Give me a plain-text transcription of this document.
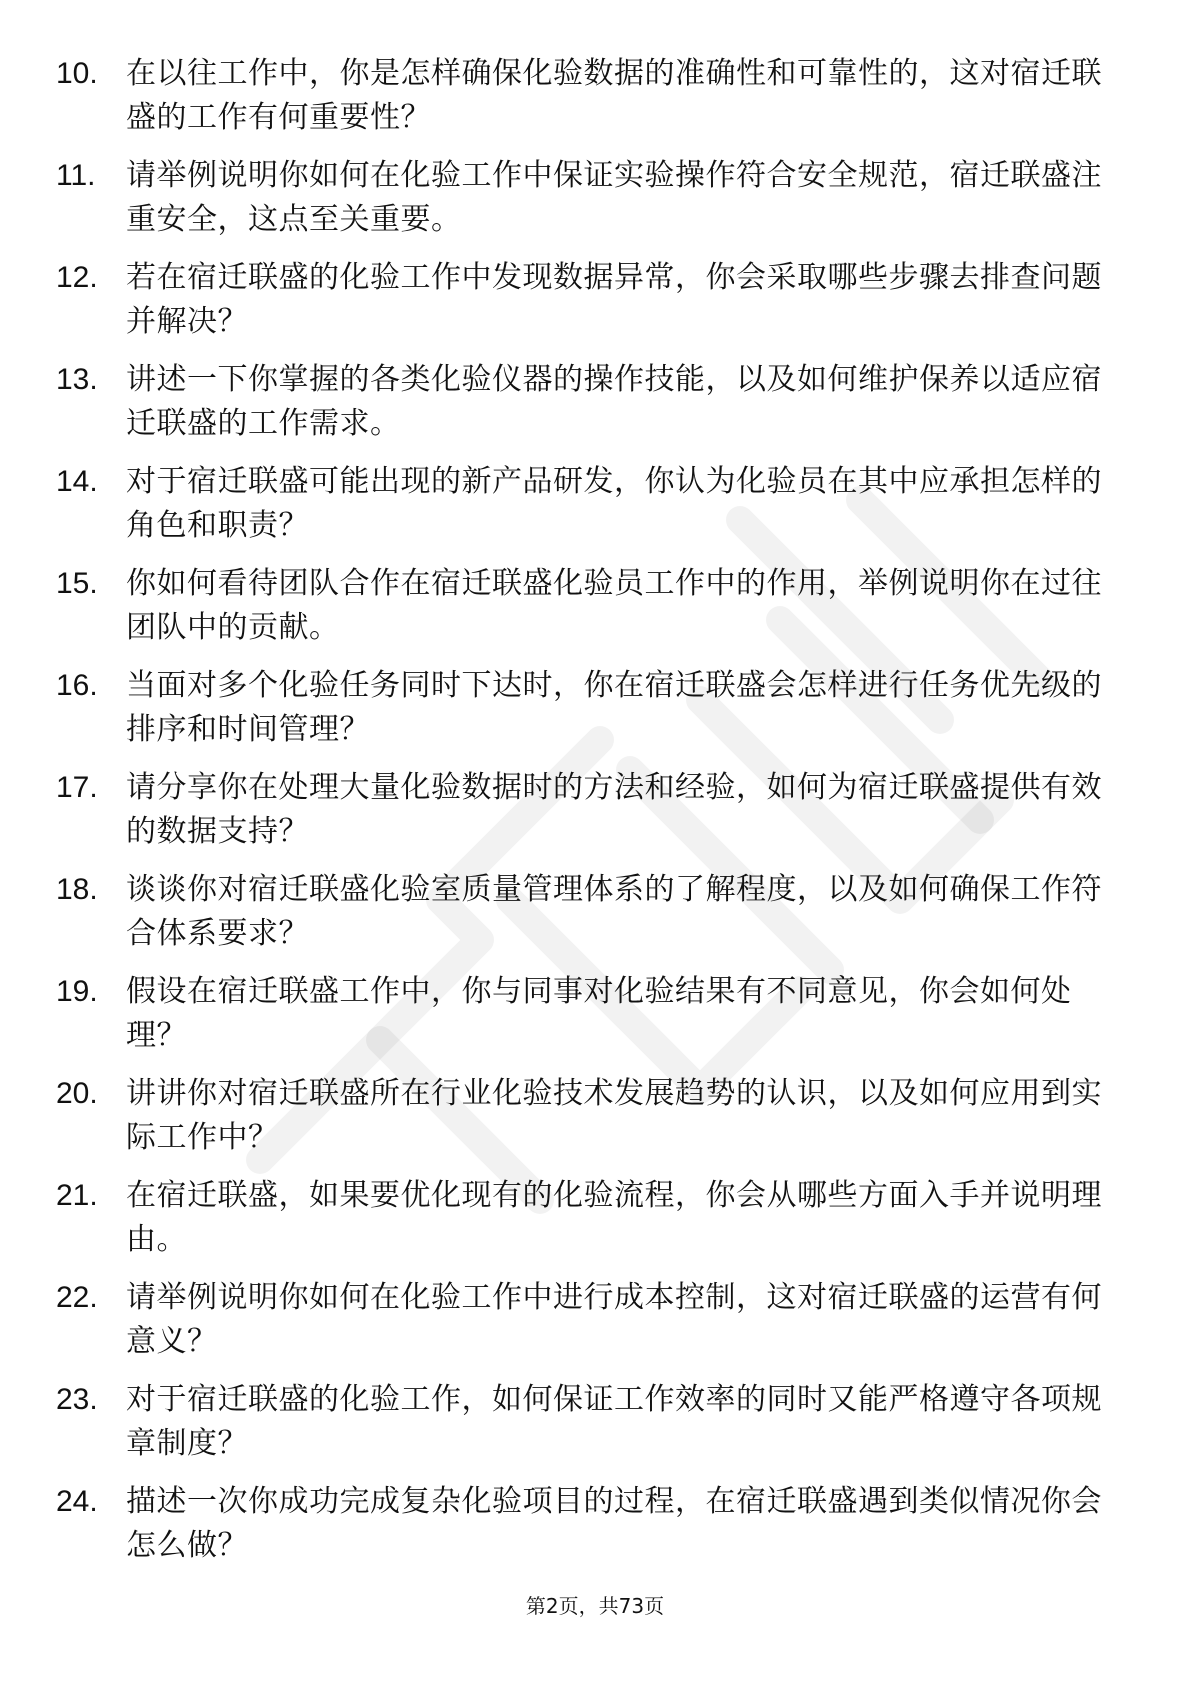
10. 在以往工作中，你是怎样确保化验数据的准确性和可靠性的，这对宿迁联盛的工作有何重要性？
11.	请举例说明你如何在化验工作中保证实验操作符合安全规范，宿迁联盛注重安全，这点至关重要。
12. 若在宿迁联盛的化验工作中发现数据异常，你会采取哪些步骤去排查问题并解决？
13. 讲述一下你掌握的各类化验仪器的操作技能，以及如何维护保养以适应宿迁联盛的工作需求。
14. 对于宿迁联盛可能出现的新产品研发，你认为化验员在其中应承担怎样的角色和职责？
15. 你如何看待团队合作在宿迁联盛化验员工作中的作用，举例说明你在过往团队中的贡献。
16. 当面对多个化验任务同时下达时，你在宿迁联盛会怎样进行任务优先级的排序和时间管理？
17. 请分享你在处理大量化验数据时的方法和经验，如何为宿迁联盛提供有效的数据支持？
18. 谈谈你对宿迁联盛化验室质量管理体系的了解程度，以及如何确保工作符合体系要求？
19. 假设在宿迁联盛工作中，你与同事对化验结果有不同意见，你会如何处理？
20. 讲讲你对宿迁联盛所在行业化验技术发展趋势的认识，以及如何应用到实际工作中？
21. 在宿迁联盛，如果要优化现有的化验流程，你会从哪些方面入手并说明理由。
22. 请举例说明你如何在化验工作中进行成本控制，这对宿迁联盛的运营有何意义？
23. 对于宿迁联盛的化验工作，如何保证工作效率的同时又能严格遵守各项规章制度？
24. 描述一次你成功完成复杂化验项目的过程，在宿迁联盛遇到类似情况你会怎么做？
第2页，共73页
